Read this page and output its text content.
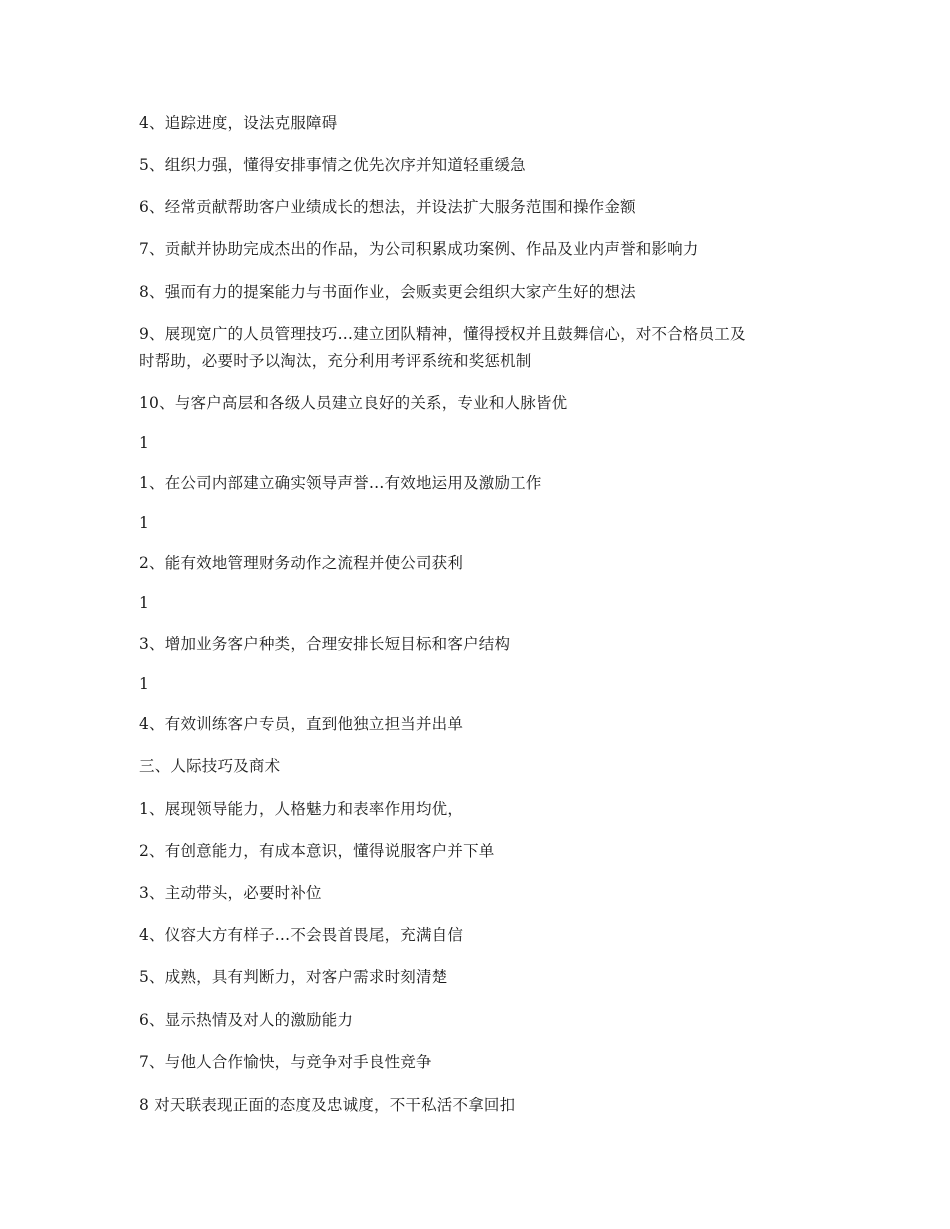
4、追踪进度，设法克服障碍
5、组织力强，懂得安排事情之优先次序并知道轻重缓急
6、经常贡献帮助客户业绩成长的想法，并设法扩大服务范围和操作金额
7、贡献并协助完成杰出的作品，为公司积累成功案例、作品及业内声誉和影响力
8、强而有力的提案能力与书面作业，会贩卖更会组织大家产生好的想法
9、展现宽广的人员管理技巧…建立团队精神，懂得授权并且鼓舞信心，对不合格员工及
时帮助，必要时予以淘汰，充分利用考评系统和奖惩机制
10、与客户高层和各级人员建立良好的关系，专业和人脉皆优
1
1、在公司内部建立确实领导声誉…有效地运用及激励工作
1
2、能有效地管理财务动作之流程并使公司获利
1
3、增加业务客户种类，合理安排长短目标和客户结构
1
4、有效训练客户专员，直到他独立担当并出单
三、人际技巧及商术
1、展现领导能力，人格魅力和表率作用均优，
2、有创意能力，有成本意识，懂得说服客户并下单
3、主动带头，必要时补位
4、仪容大方有样子…不会畏首畏尾，充满自信
5、成熟，具有判断力，对客户需求时刻清楚
6、显示热情及对人的激励能力
7、与他人合作愉快，与竞争对手良性竞争
8 对天联表现正面的态度及忠诚度，不干私活不拿回扣
